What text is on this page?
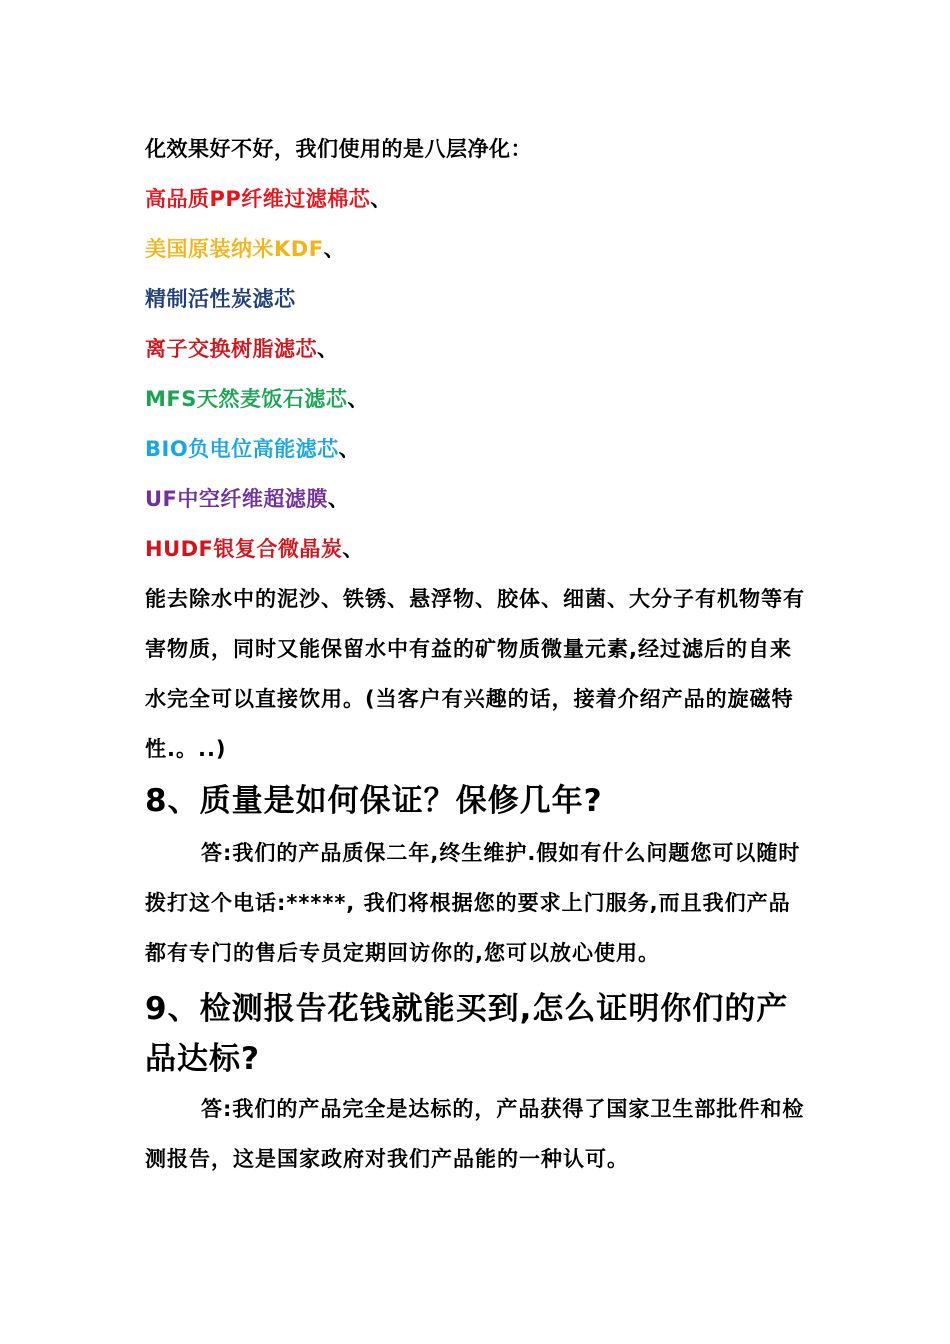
化效果好不好，我们使用的是八层净化：
高品质PP纤维过滤棉芯、
美国原装纳米KDF、
精制活性炭滤芯
离子交换树脂滤芯、
MFS天然麦饭石滤芯、
BIO负电位高能滤芯、
UF中空纤维超滤膜、
HUDF银复合微晶炭、

能去除水中的泥沙、铁锈、悬浮物、胶体、细菌、大分子有机物等有害物质，同时又能保留水中有益的矿物质微量元素,经过滤后的自来水完全可以直接饮用。(当客户有兴趣的话，接着介绍产品的旋磁特性.。..)

8、质量是如何保证？保修几年?

答:我们的产品质保二年,终生维护.假如有什么问题您可以随时拨打这个电话:*****, 我们将根据您的要求上门服务,而且我们产品都有专门的售后专员定期回访你的,您可以放心使用。

9、检测报告花钱就能买到,怎么证明你们的产品达标?

答:我们的产品完全是达标的，产品获得了国家卫生部批件和检测报告，这是国家政府对我们产品能的一种认可。
